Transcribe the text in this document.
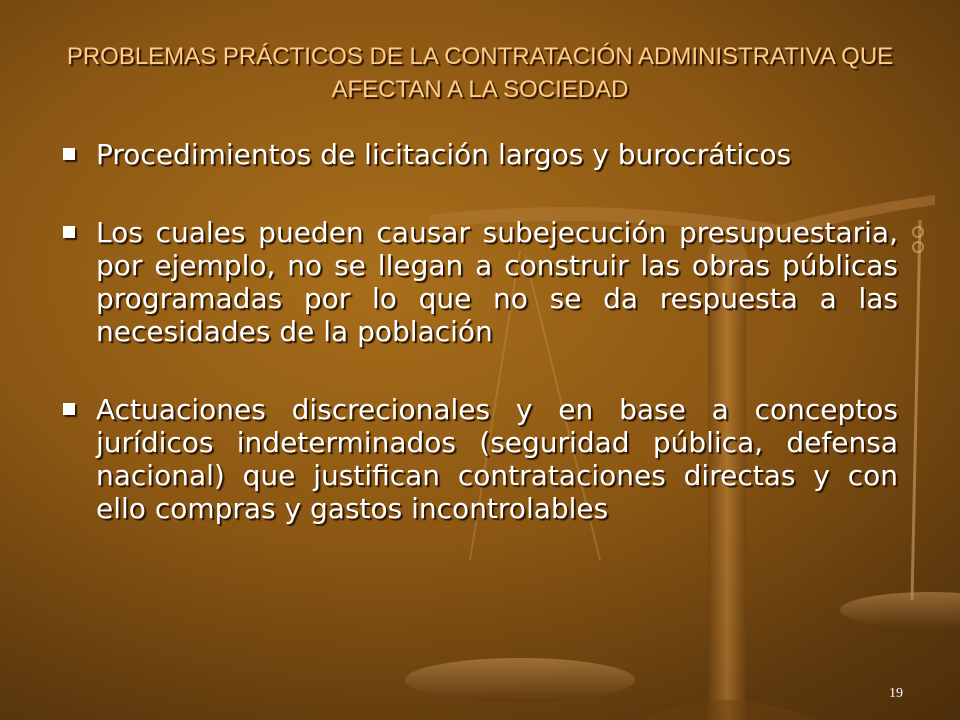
PROBLEMAS PRÁCTICOS DE LA CONTRATACIÓN ADMINISTRATIVA QUE AFECTAN A LA SOCIEDAD
Procedimientos de licitación largos y burocráticos
Los cuales pueden causar subejecución presupuestaria, por ejemplo, no se llegan a construir las obras públicas programadas por lo que no se da respuesta a las necesidades de la población
Actuaciones discrecionales y en base a conceptos jurídicos indeterminados (seguridad pública, defensa nacional) que justifican contrataciones directas y con ello compras y gastos incontrolables
19
